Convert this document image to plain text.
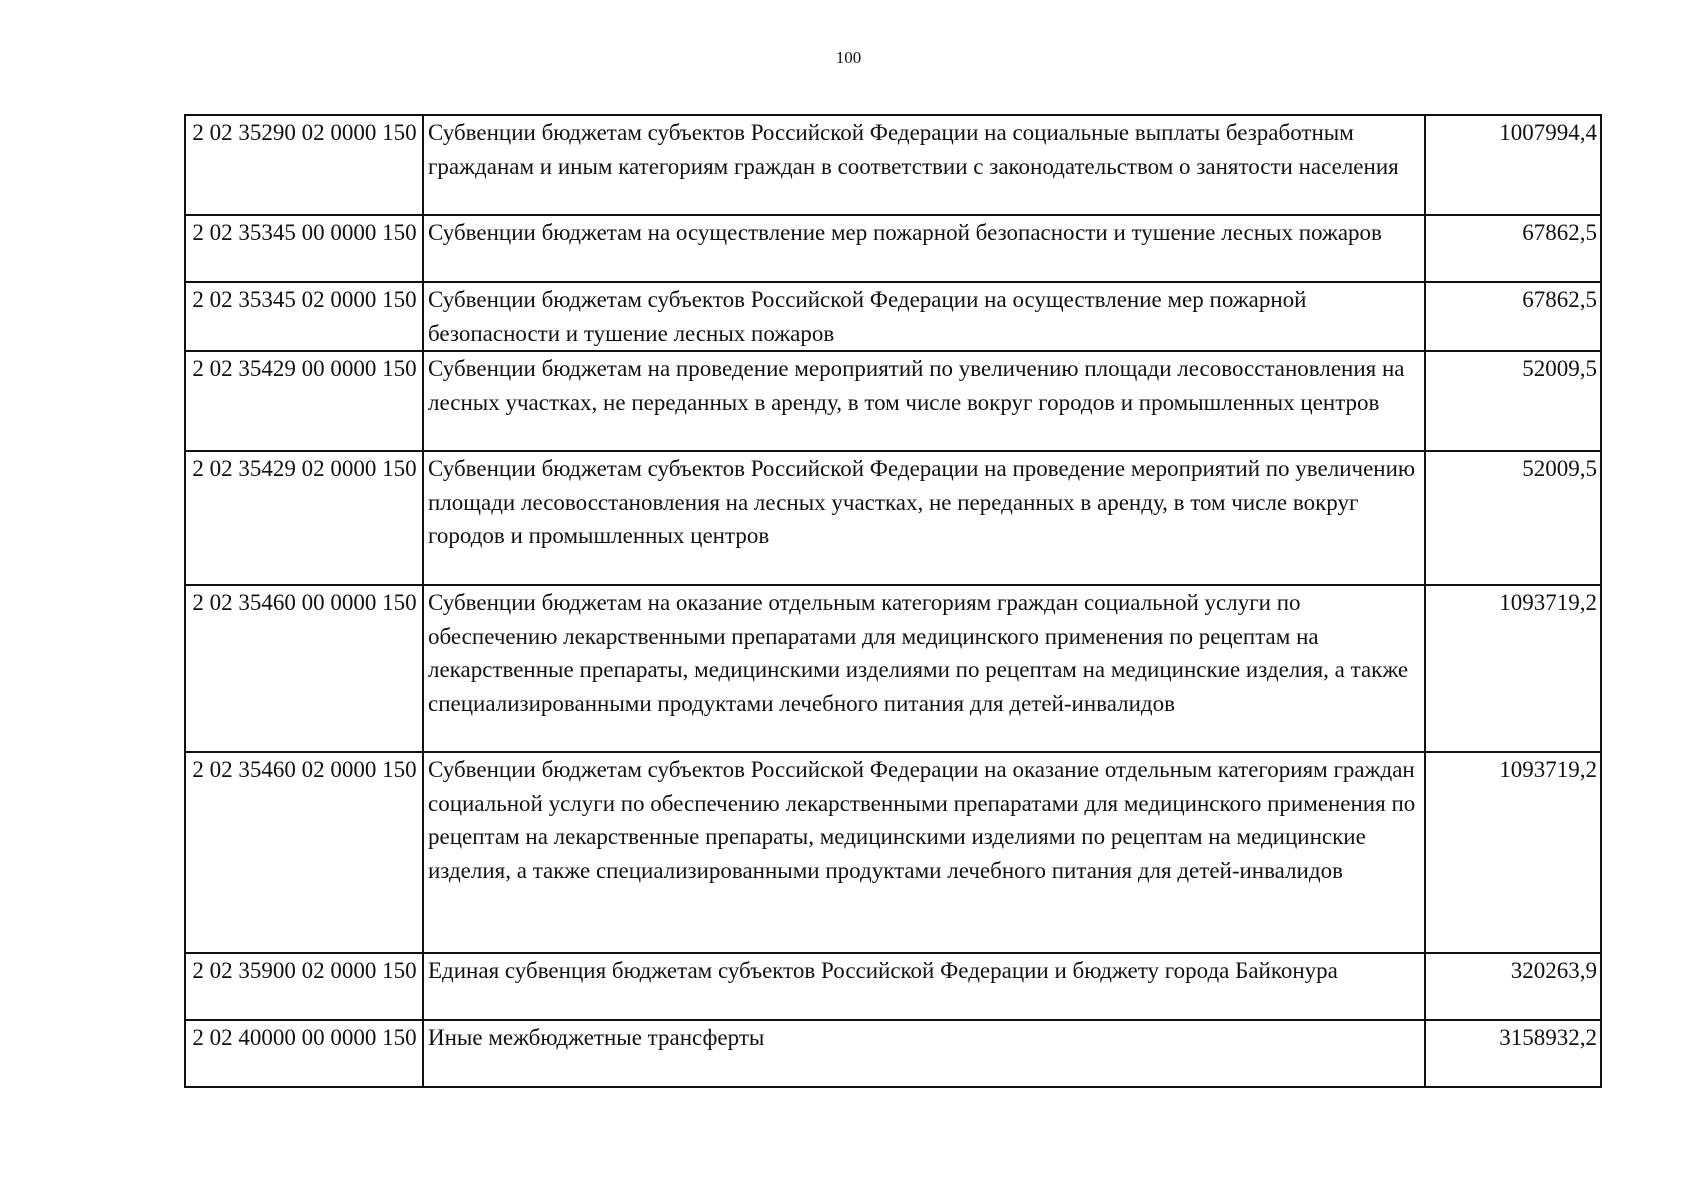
100
2 02 35290 02 0000 150	Субвенции бюджетам субъектов Российской Федерации на социальные выплаты безработным гражданам и иным категориям граждан в соответствии с законодательством о занятости населения	1007994,4
2 02 35345 00 0000 150	Субвенции бюджетам на осуществление мер пожарной безопасности и тушение лесных пожаров	67862,5
2 02 35345 02 0000 150	Субвенции бюджетам субъектов Российской Федерации на осуществление мер пожарной безопасности и тушение лесных пожаров	67862,5
2 02 35429 00 0000 150	Субвенции бюджетам на проведение мероприятий по увеличению площади лесовосстановления на лесных участках, не переданных в аренду, в том числе вокруг городов и промышленных центров	52009,5
2 02 35429 02 0000 150	Субвенции бюджетам субъектов Российской Федерации на проведение мероприятий по увеличению площади лесовосстановления на лесных участках, не переданных в аренду, в том числе вокруг городов и промышленных центров	52009,5
2 02 35460 00 0000 150	Субвенции бюджетам на оказание отдельным категориям граждан социальной услуги по обеспечению лекарственными препаратами для медицинского применения по рецептам на лекарственные препараты, медицинскими изделиями по рецептам на медицинские изделия, а также специализированными продуктами лечебного питания для детей-инвалидов	1093719,2
2 02 35460 02 0000 150	Субвенции бюджетам субъектов Российской Федерации на оказание отдельным категориям граждан социальной услуги по обеспечению лекарственными препаратами для медицинского применения по рецептам на лекарственные препараты, медицинскими изделиями по рецептам на медицинские изделия, а также специализированными продуктами лечебного питания для детей-инвалидов	1093719,2
2 02 35900 02 0000 150	Единая субвенция бюджетам субъектов Российской Федерации и бюджету города Байконура	320263,9
2 02 40000 00 0000 150	Иные межбюджетные трансферты	3158932,2
